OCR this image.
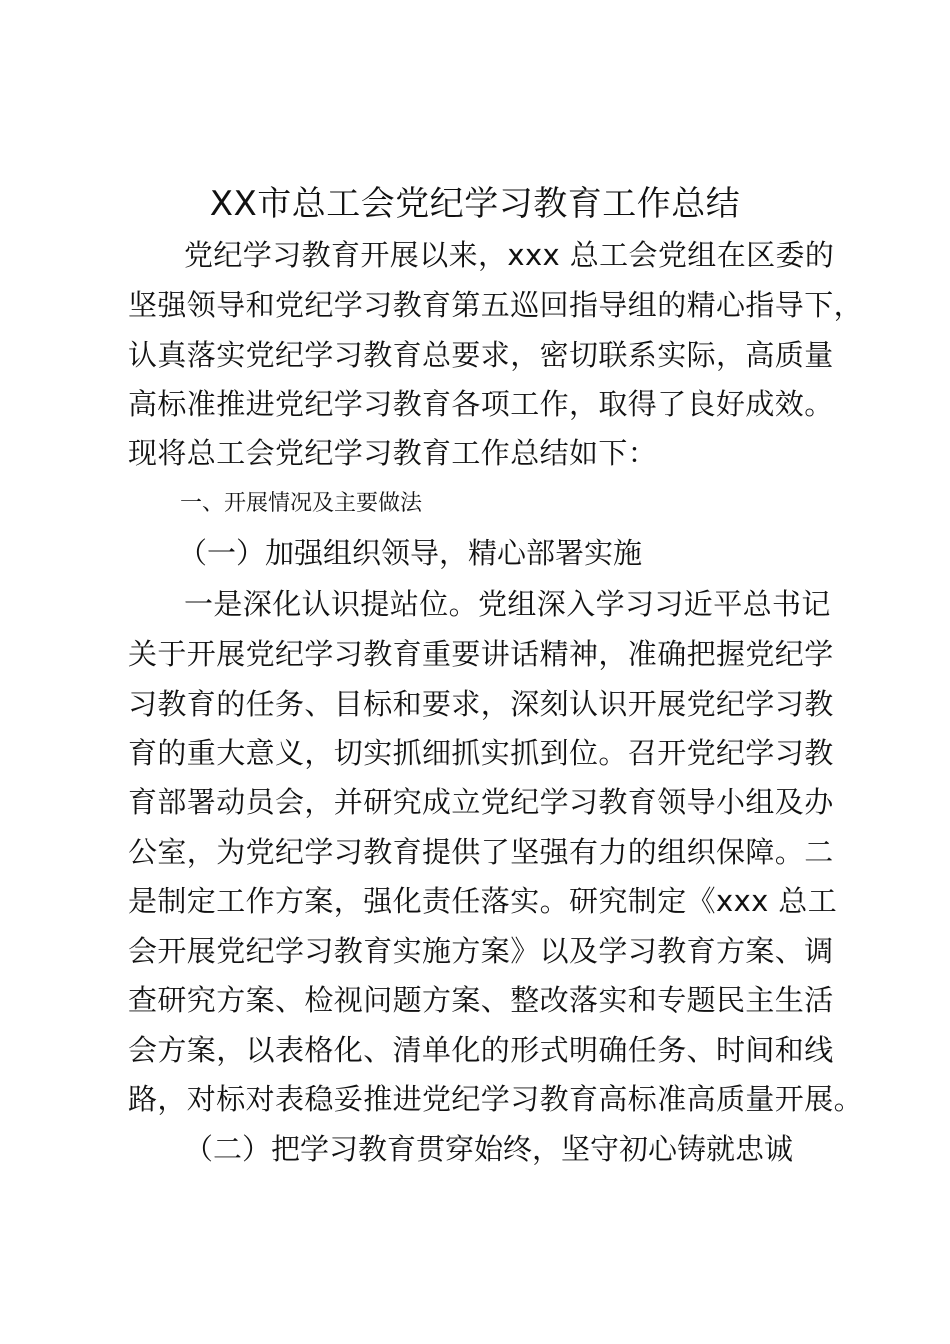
XX市总工会党纪学习教育工作总结

党纪学习教育开展以来，xxx 总工会党组在区委的

坚强领导和党纪学习教育第五巡回指导组的精心指导下，

认真落实党纪学习教育总要求，密切联系实际，高质量

高标准推进党纪学习教育各项工作，取得了良好成效。

现将总工会党纪学习教育工作总结如下：

一、开展情况及主要做法

（一）加强组织领导，精心部署实施

一是深化认识提站位。党组深入学习习近平总书记

关于开展党纪学习教育重要讲话精神，准确把握党纪学

习教育的任务、目标和要求，深刻认识开展党纪学习教

育的重大意义，切实抓细抓实抓到位。召开党纪学习教

育部署动员会，并研究成立党纪学习教育领导小组及办

公室，为党纪学习教育提供了坚强有力的组织保障。二

是制定工作方案，强化责任落实。研究制定《xxx 总工

会开展党纪学习教育实施方案》以及学习教育方案、调

查研究方案、检视问题方案、整改落实和专题民主生活

会方案，以表格化、清单化的形式明确任务、时间和线

路，对标对表稳妥推进党纪学习教育高标准高质量开展。

（二）把学习教育贯穿始终，坚守初心铸就忠诚
